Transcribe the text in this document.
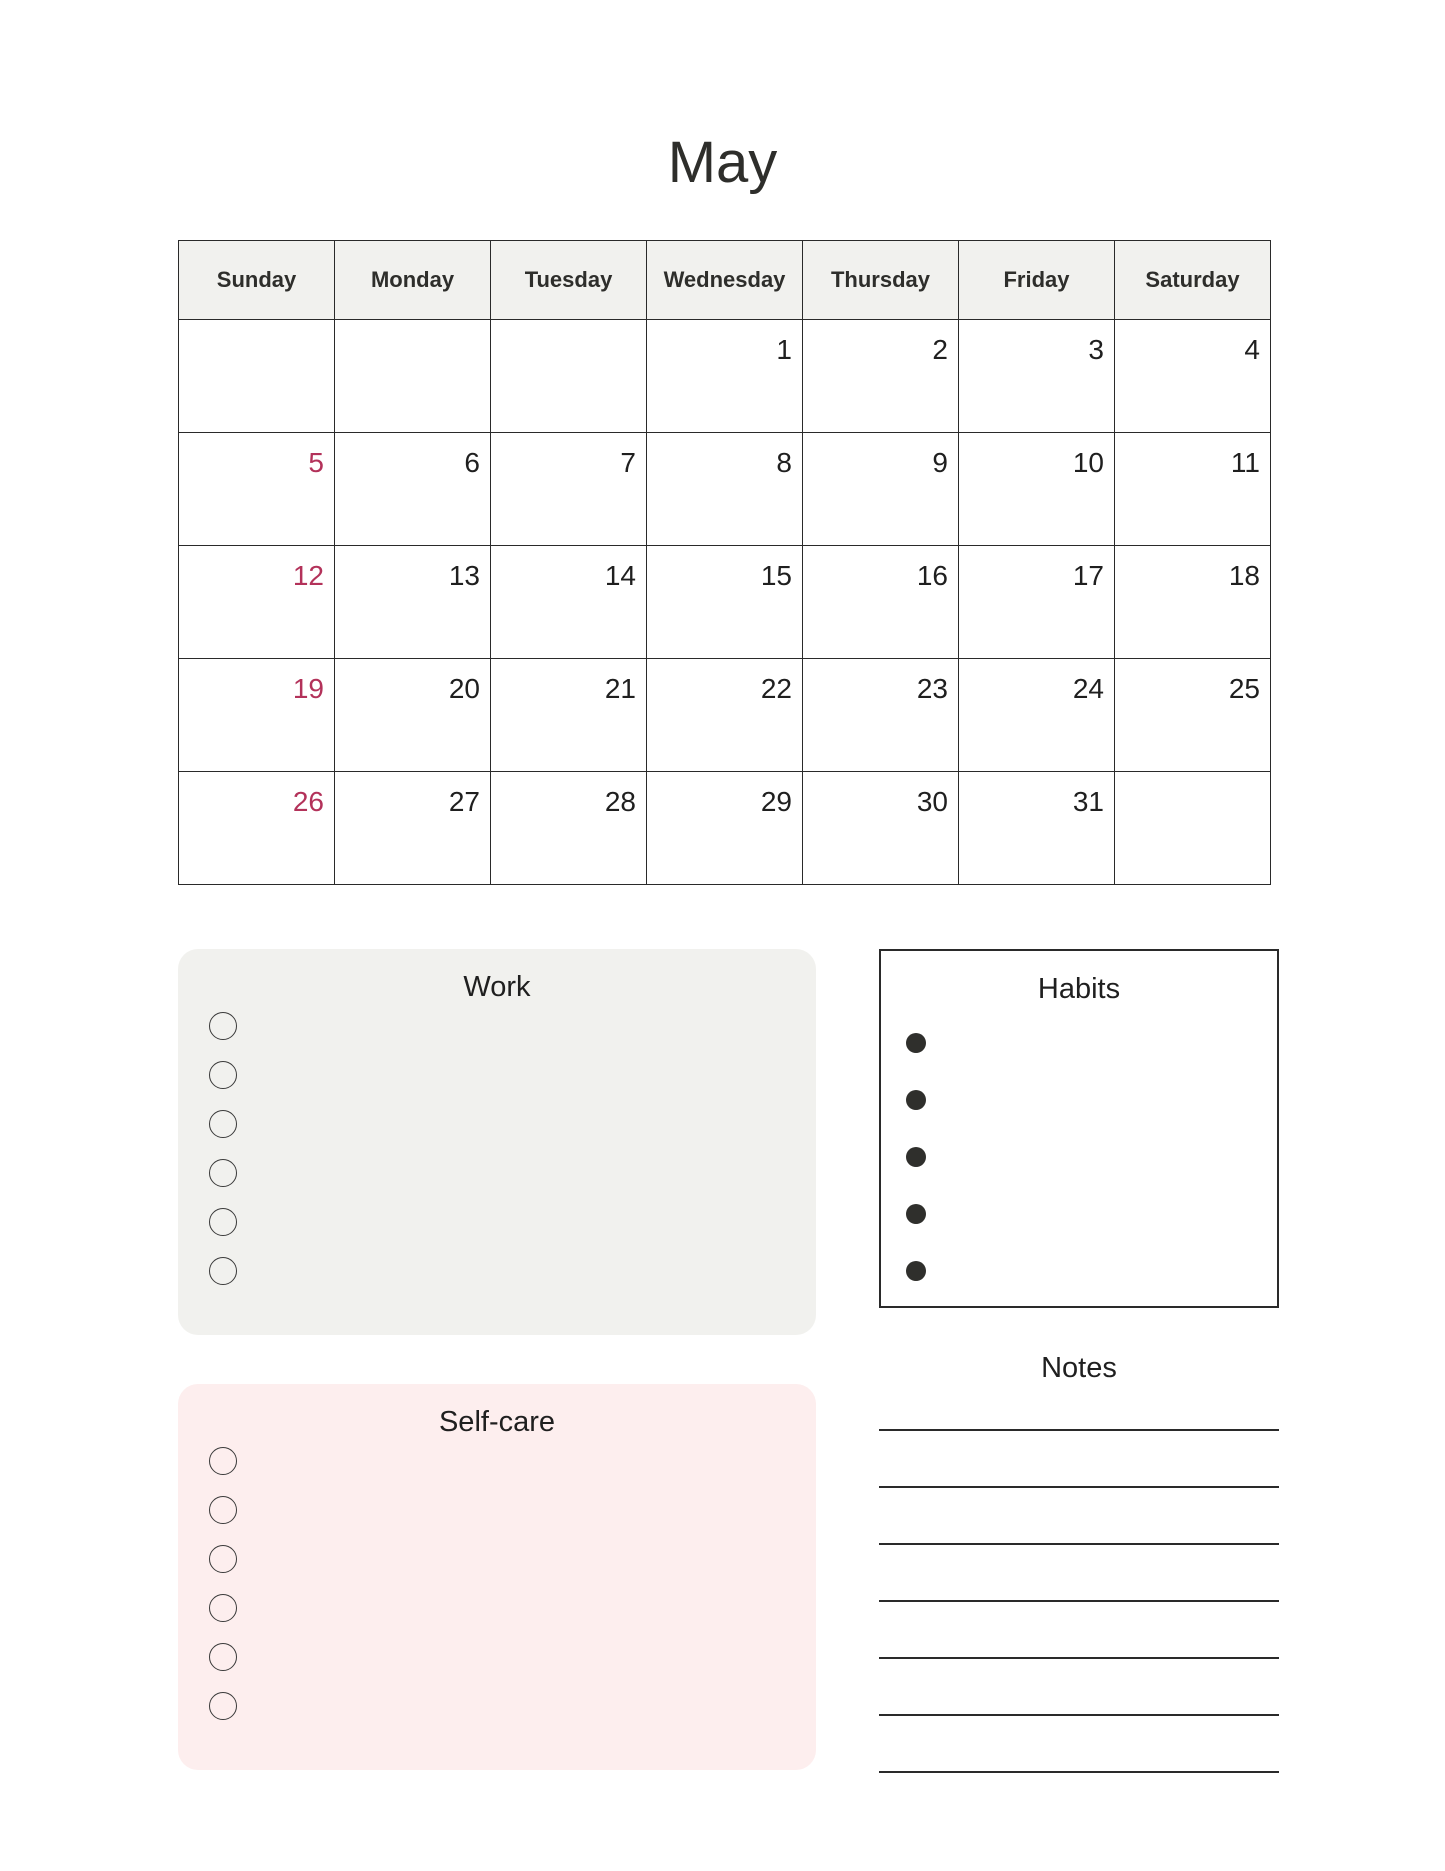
May
Sunday	Monday	Tuesday	Wednesday	Thursday	Friday	Saturday
			1	2	3	4
5	6	7	8	9	10	11
12	13	14	15	16	17	18
19	20	21	22	23	24	25
26	27	28	29	30	31	
Work
Self-care
Habits
Notes
